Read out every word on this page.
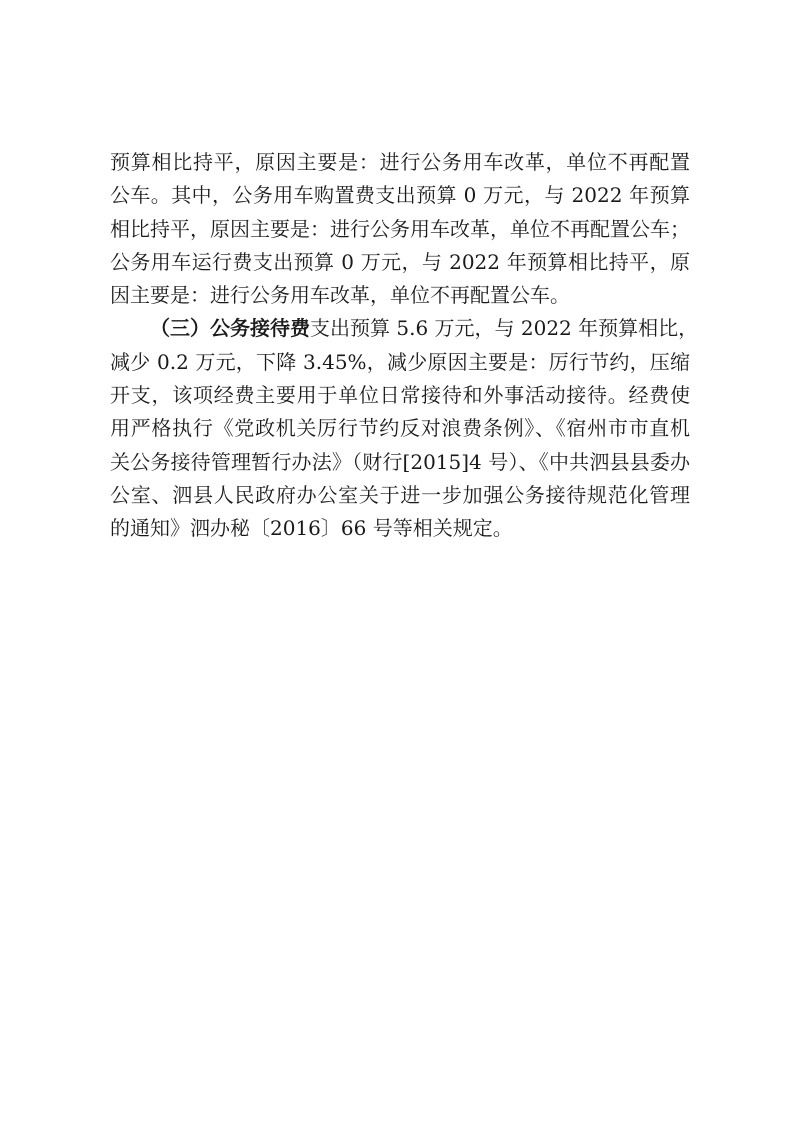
预算相比持平，原因主要是：进行公务用车改革，单位不再配置
公车。其中，公务用车购置费支出预算 0 万元，与 2022 年预算
相比持平，原因主要是：进行公务用车改革，单位不再配置公车；
公务用车运行费支出预算 0 万元，与 2022 年预算相比持平，原
因主要是：进行公务用车改革，单位不再配置公车。
（三）公务接待费支出预算 5.6 万元，与 2022 年预算相比，
减少 0.2 万元，下降 3.45%，减少原因主要是：厉行节约，压缩
开支，该项经费主要用于单位日常接待和外事活动接待。经费使
用严格执行《党政机关厉行节约反对浪费条例》、《宿州市市直机
关公务接待管理暂行办法》（财行[2015]4 号）、《中共泗县县委办
公室、泗县人民政府办公室关于进一步加强公务接待规范化管理
的通知》泗办秘〔2016〕66 号等相关规定。
